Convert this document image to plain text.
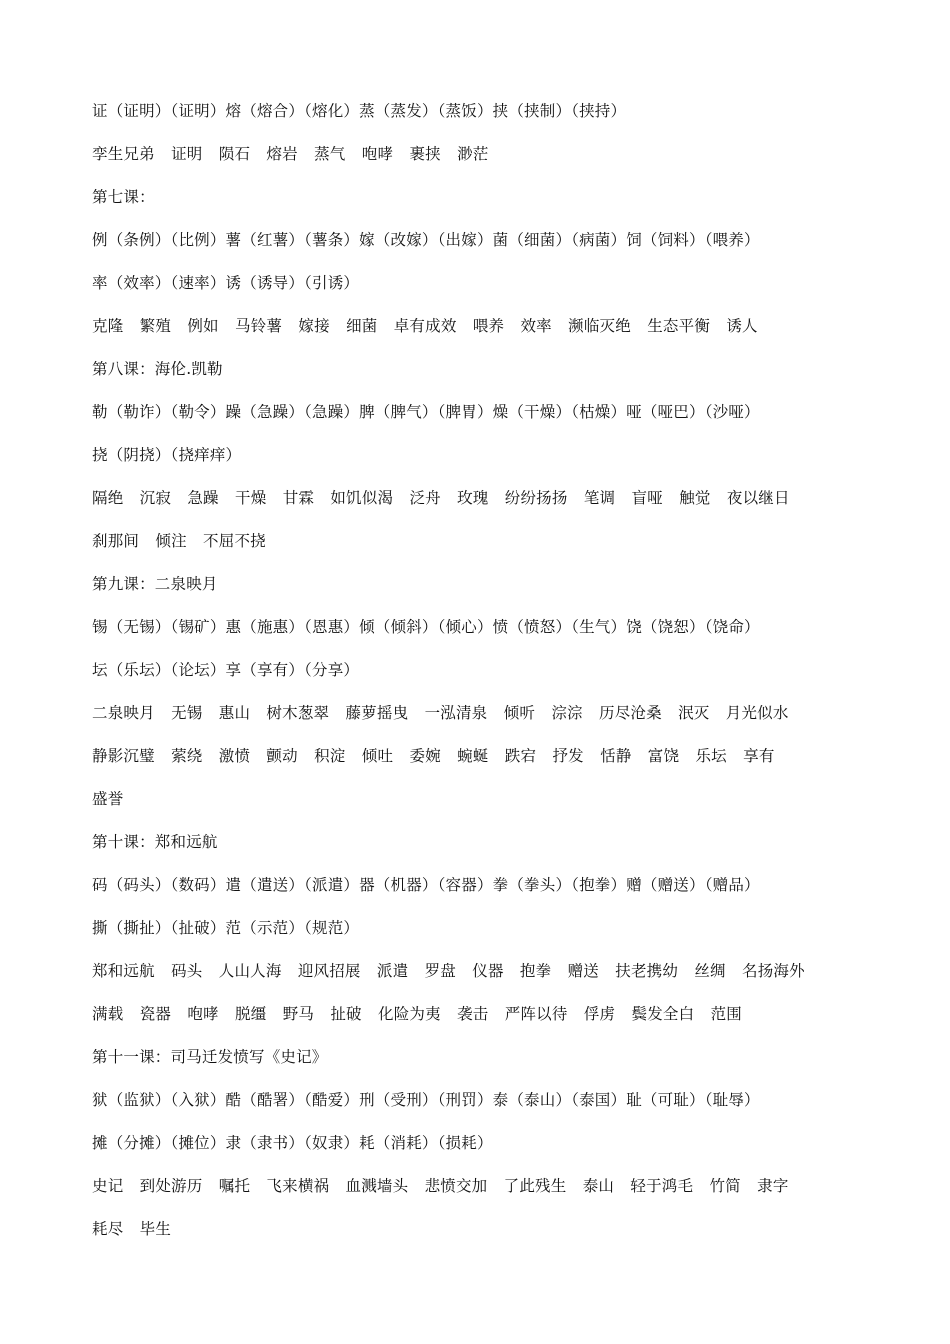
证（证明）（证明）熔（熔合）（熔化）蒸（蒸发）（蒸饭）挟（挟制）（挟持）
孪生兄弟 证明 陨石 熔岩 蒸气 咆哮 裹挟 渺茫
第七课：
例（条例）（比例）薯（红薯）（薯条）嫁（改嫁）（出嫁）菌（细菌）（病菌）饲（饲料）（喂养）
率（效率）（速率）诱（诱导）（引诱）
克隆 繁殖 例如 马铃薯 嫁接 细菌 卓有成效 喂养 效率 濒临灭绝 生态平衡 诱人
第八课：海伦.凯勒
勒（勒诈）（勒令）躁（急躁）（急躁）脾（脾气）（脾胃）燥（干燥）（枯燥）哑（哑巴）（沙哑）
挠（阴挠）（挠痒痒）
隔绝 沉寂 急躁 干燥 甘霖 如饥似渴 泛舟 玫瑰 纷纷扬扬 笔调 盲哑 触觉 夜以继日
刹那间 倾注 不屈不挠
第九课：二泉映月
锡（无锡）（锡矿）惠（施惠）（恩惠）倾（倾斜）（倾心）愤（愤怒）（生气）饶（饶恕）（饶命）
坛（乐坛）（论坛）享（享有）（分享）
二泉映月 无锡 惠山 树木葱翠 藤萝摇曳 一泓清泉 倾听 淙淙 历尽沧桑 泯灭 月光似水
静影沉璧 萦绕 激愤 颤动 积淀 倾吐 委婉 蜿蜒 跌宕 抒发 恬静 富饶 乐坛 享有
盛誉
第十课：郑和远航
码（码头）（数码）遣（遣送）（派遣）器（机器）（容器）拳（拳头）（抱拳）赠（赠送）（赠品）
撕（撕扯）（扯破）范（示范）（规范）
郑和远航 码头 人山人海 迎风招展 派遣 罗盘 仪器 抱拳 赠送 扶老携幼 丝绸 名扬海外
满载 瓷器 咆哮 脱缰 野马 扯破 化险为夷 袭击 严阵以待 俘虏 鬓发全白 范围
第十一课：司马迁发愤写《史记》
狱（监狱）（入狱）酷（酷署）（酷爱）刑（受刑）（刑罚）泰（泰山）（泰国）耻（可耻）（耻辱）
摊（分摊）（摊位）隶（隶书）（奴隶）耗（消耗）（损耗）
史记 到处游历 嘱托 飞来横祸 血溅墙头 悲愤交加 了此残生 泰山 轻于鸿毛 竹简 隶字
耗尽 毕生
